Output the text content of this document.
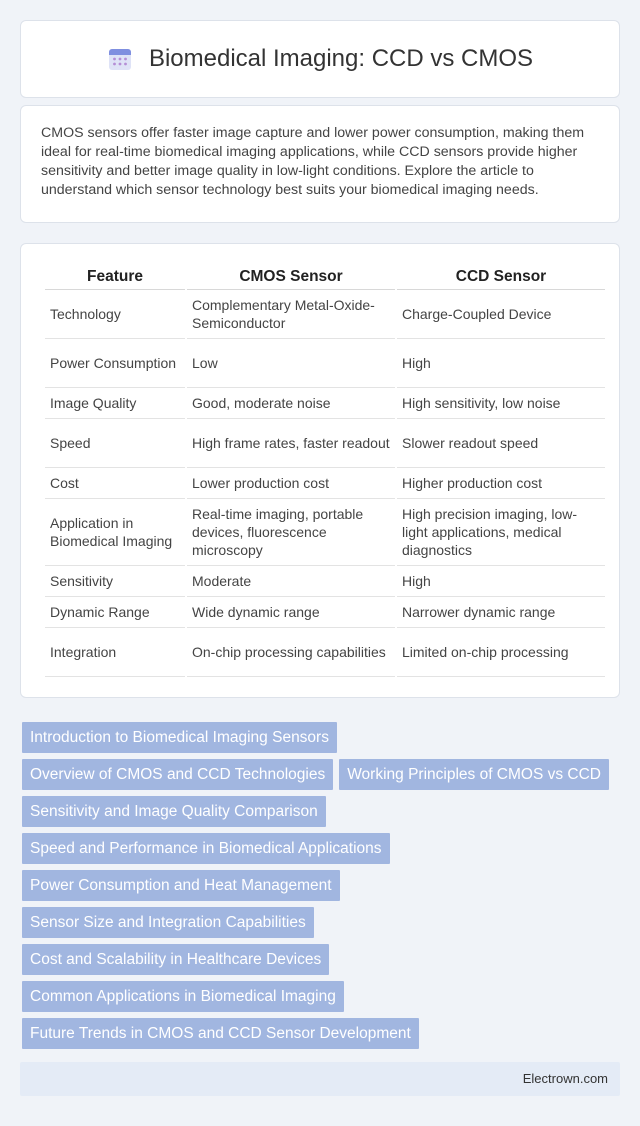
Biomedical Imaging: CCD vs CMOS

CMOS sensors offer faster image capture and lower power consumption, making them ideal for real-time biomedical imaging applications, while CCD sensors provide higher sensitivity and better image quality in low-light conditions. Explore the article to understand which sensor technology best suits your biomedical imaging needs.

Feature	CMOS Sensor	CCD Sensor
Technology	Complementary Metal-Oxide-Semiconductor	Charge-Coupled Device
Power Consumption	Low	High
Image Quality	Good, moderate noise	High sensitivity, low noise
Speed	High frame rates, faster readout	Slower readout speed
Cost	Lower production cost	Higher production cost
Application in Biomedical Imaging	Real-time imaging, portable devices, fluorescence microscopy	High precision imaging, low-light applications, medical diagnostics
Sensitivity	Moderate	High
Dynamic Range	Wide dynamic range	Narrower dynamic range
Integration	On-chip processing capabilities	Limited on-chip processing
Introduction to Biomedical Imaging Sensors
Overview of CMOS and CCD Technologies	Working Principles of CMOS vs CCD
Sensitivity and Image Quality Comparison
Speed and Performance in Biomedical Applications
Power Consumption and Heat Management
Sensor Size and Integration Capabilities
Cost and Scalability in Healthcare Devices
Common Applications in Biomedical Imaging
Future Trends in CMOS and CCD Sensor Development
Electrown.com
